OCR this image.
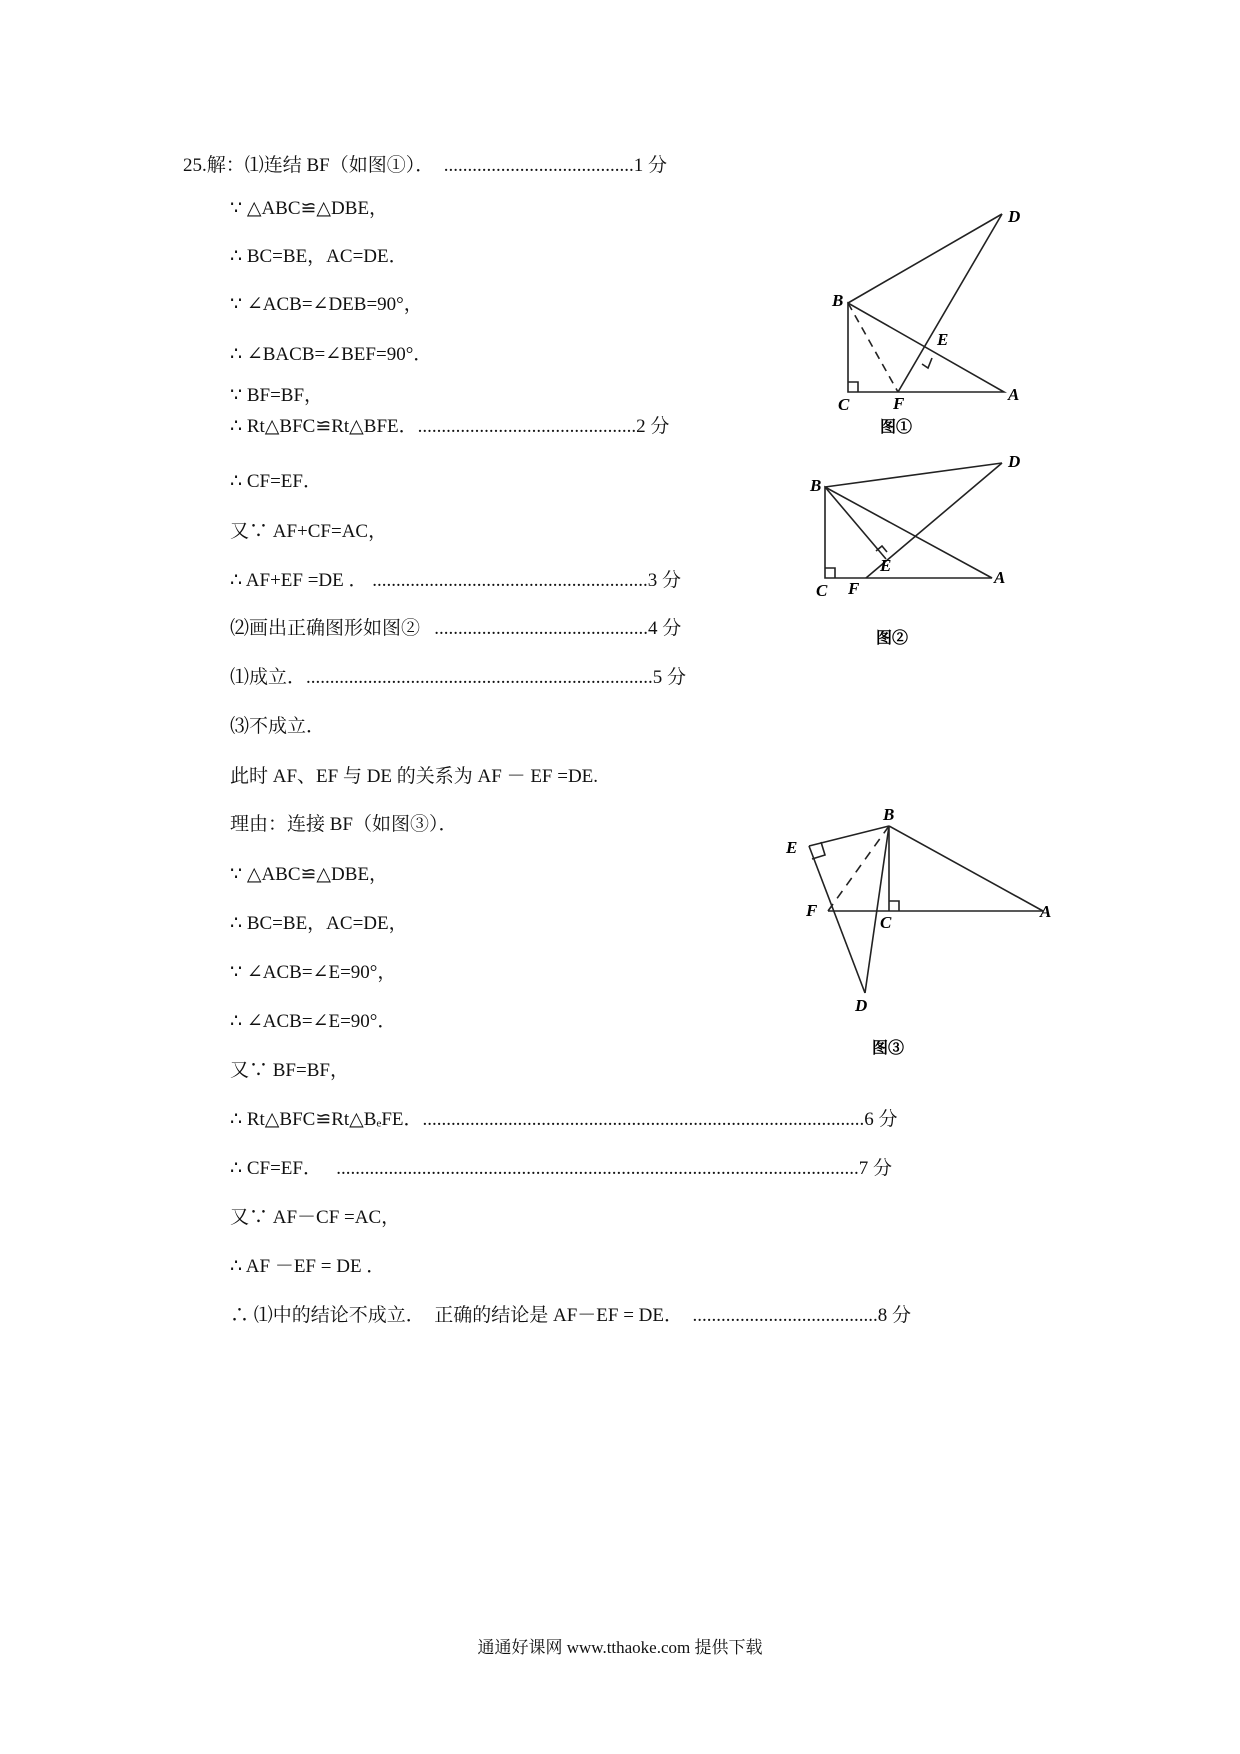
25.解：⑴连结 BF（如图①）．  ........................................1 分
∵ △ABC≌△DBE，
∴ BC=BE，AC=DE．
∵ ∠ACB=∠DEB=90°，
∴ ∠BACB=∠BEF=90°．
∵ BF=BF，
∴ Rt△BFC≌Rt△BFE．..............................................2 分
∴ CF=EF．
又∵ AF+CF=AC，
∴ AF+EF =DE ． ..........................................................3 分
⑵画出正确图形如图②   .............................................4 分
⑴成立．.........................................................................5 分
⑶不成立．
此时 AF、EF 与 DE 的关系为 AF － EF =DE.
理由：连接 BF（如图③）．
∵ △ABC≌△DBE，
∴ BC=BE，AC=DE，
∵ ∠ACB=∠E=90°，
∴ ∠ACB=∠E=90°．
又∵ BF=BF，
∴ Rt△BFC≌Rt△BₑFE．.............................................................................................6 分
∴ CF=EF．   ..............................................................................................................7 分
又∵ AF－CF =AC，
∴ AF －EF = DE ．
∴ ⑴中的结论不成立．  正确的结论是 AF－EF = DE．  .......................................8 分
B
D
E
C	F	A
图①
B
D
E
C F
A
图②
B
E
F
C
A
D
图③
通通好课网 www.tthaoke.com 提供下载
